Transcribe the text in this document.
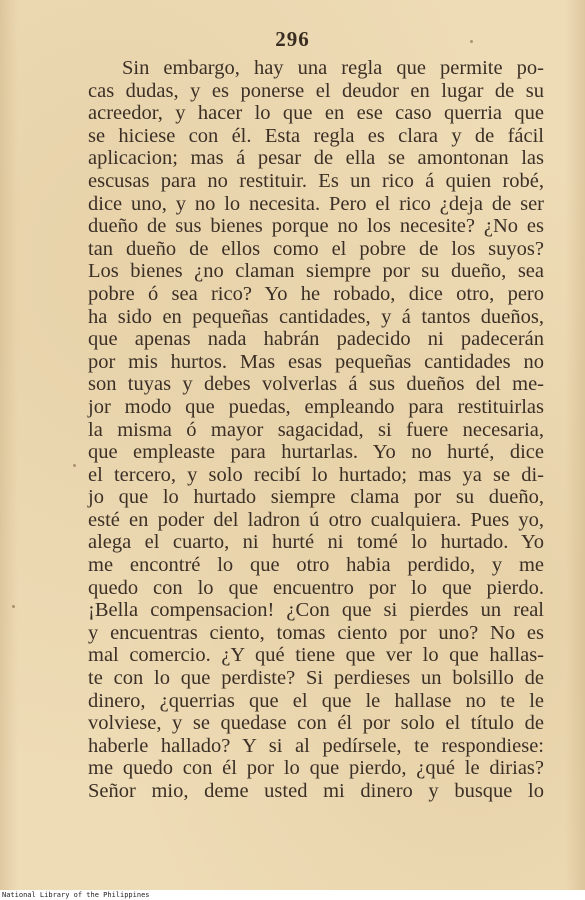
296
Sin embargo, hay una regla que permite po-
cas dudas, y es ponerse el deudor en lugar de su
acreedor, y hacer lo que en ese caso querria que
se hiciese con él. Esta regla es clara y de fácil
aplicacion; mas á pesar de ella se amontonan las
escusas para no restituir. Es un rico á quien robé,
dice uno, y no lo necesita. Pero el rico ¿deja de ser
dueño de sus bienes porque no los necesite? ¿No es
tan dueño de ellos como el pobre de los suyos?
Los bienes ¿no claman siempre por su dueño, sea
pobre ó sea rico? Yo he robado, dice otro, pero
ha sido en pequeñas cantidades, y á tantos dueños,
que apenas nada habrán padecido ni padecerán
por mis hurtos. Mas esas pequeñas cantidades no
son tuyas y debes volverlas á sus dueños del me-
jor modo que puedas, empleando para restituirlas
la misma ó mayor sagacidad, si fuere necesaria,
que empleaste para hurtarlas. Yo no hurté, dice
el tercero, y solo recibí lo hurtado; mas ya se di-
jo que lo hurtado siempre clama por su dueño,
esté en poder del ladron ú otro cualquiera. Pues yo,
alega el cuarto, ni hurté ni tomé lo hurtado. Yo
me encontré lo que otro habia perdido, y me
quedo con lo que encuentro por lo que pierdo.
¡Bella compensacion! ¿Con que si pierdes un real
y encuentras ciento, tomas ciento por uno? No es
mal comercio. ¿Y qué tiene que ver lo que hallas-
te con lo que perdiste? Si perdieses un bolsillo de
dinero, ¿querrias que el que le hallase no te le
volviese, y se quedase con él por solo el título de
haberle hallado? Y si al pedírsele, te respondiese:
me quedo con él por lo que pierdo, ¿qué le dirias?
Señor mio, deme usted mi dinero y busque lo
National Library of the Philippines
